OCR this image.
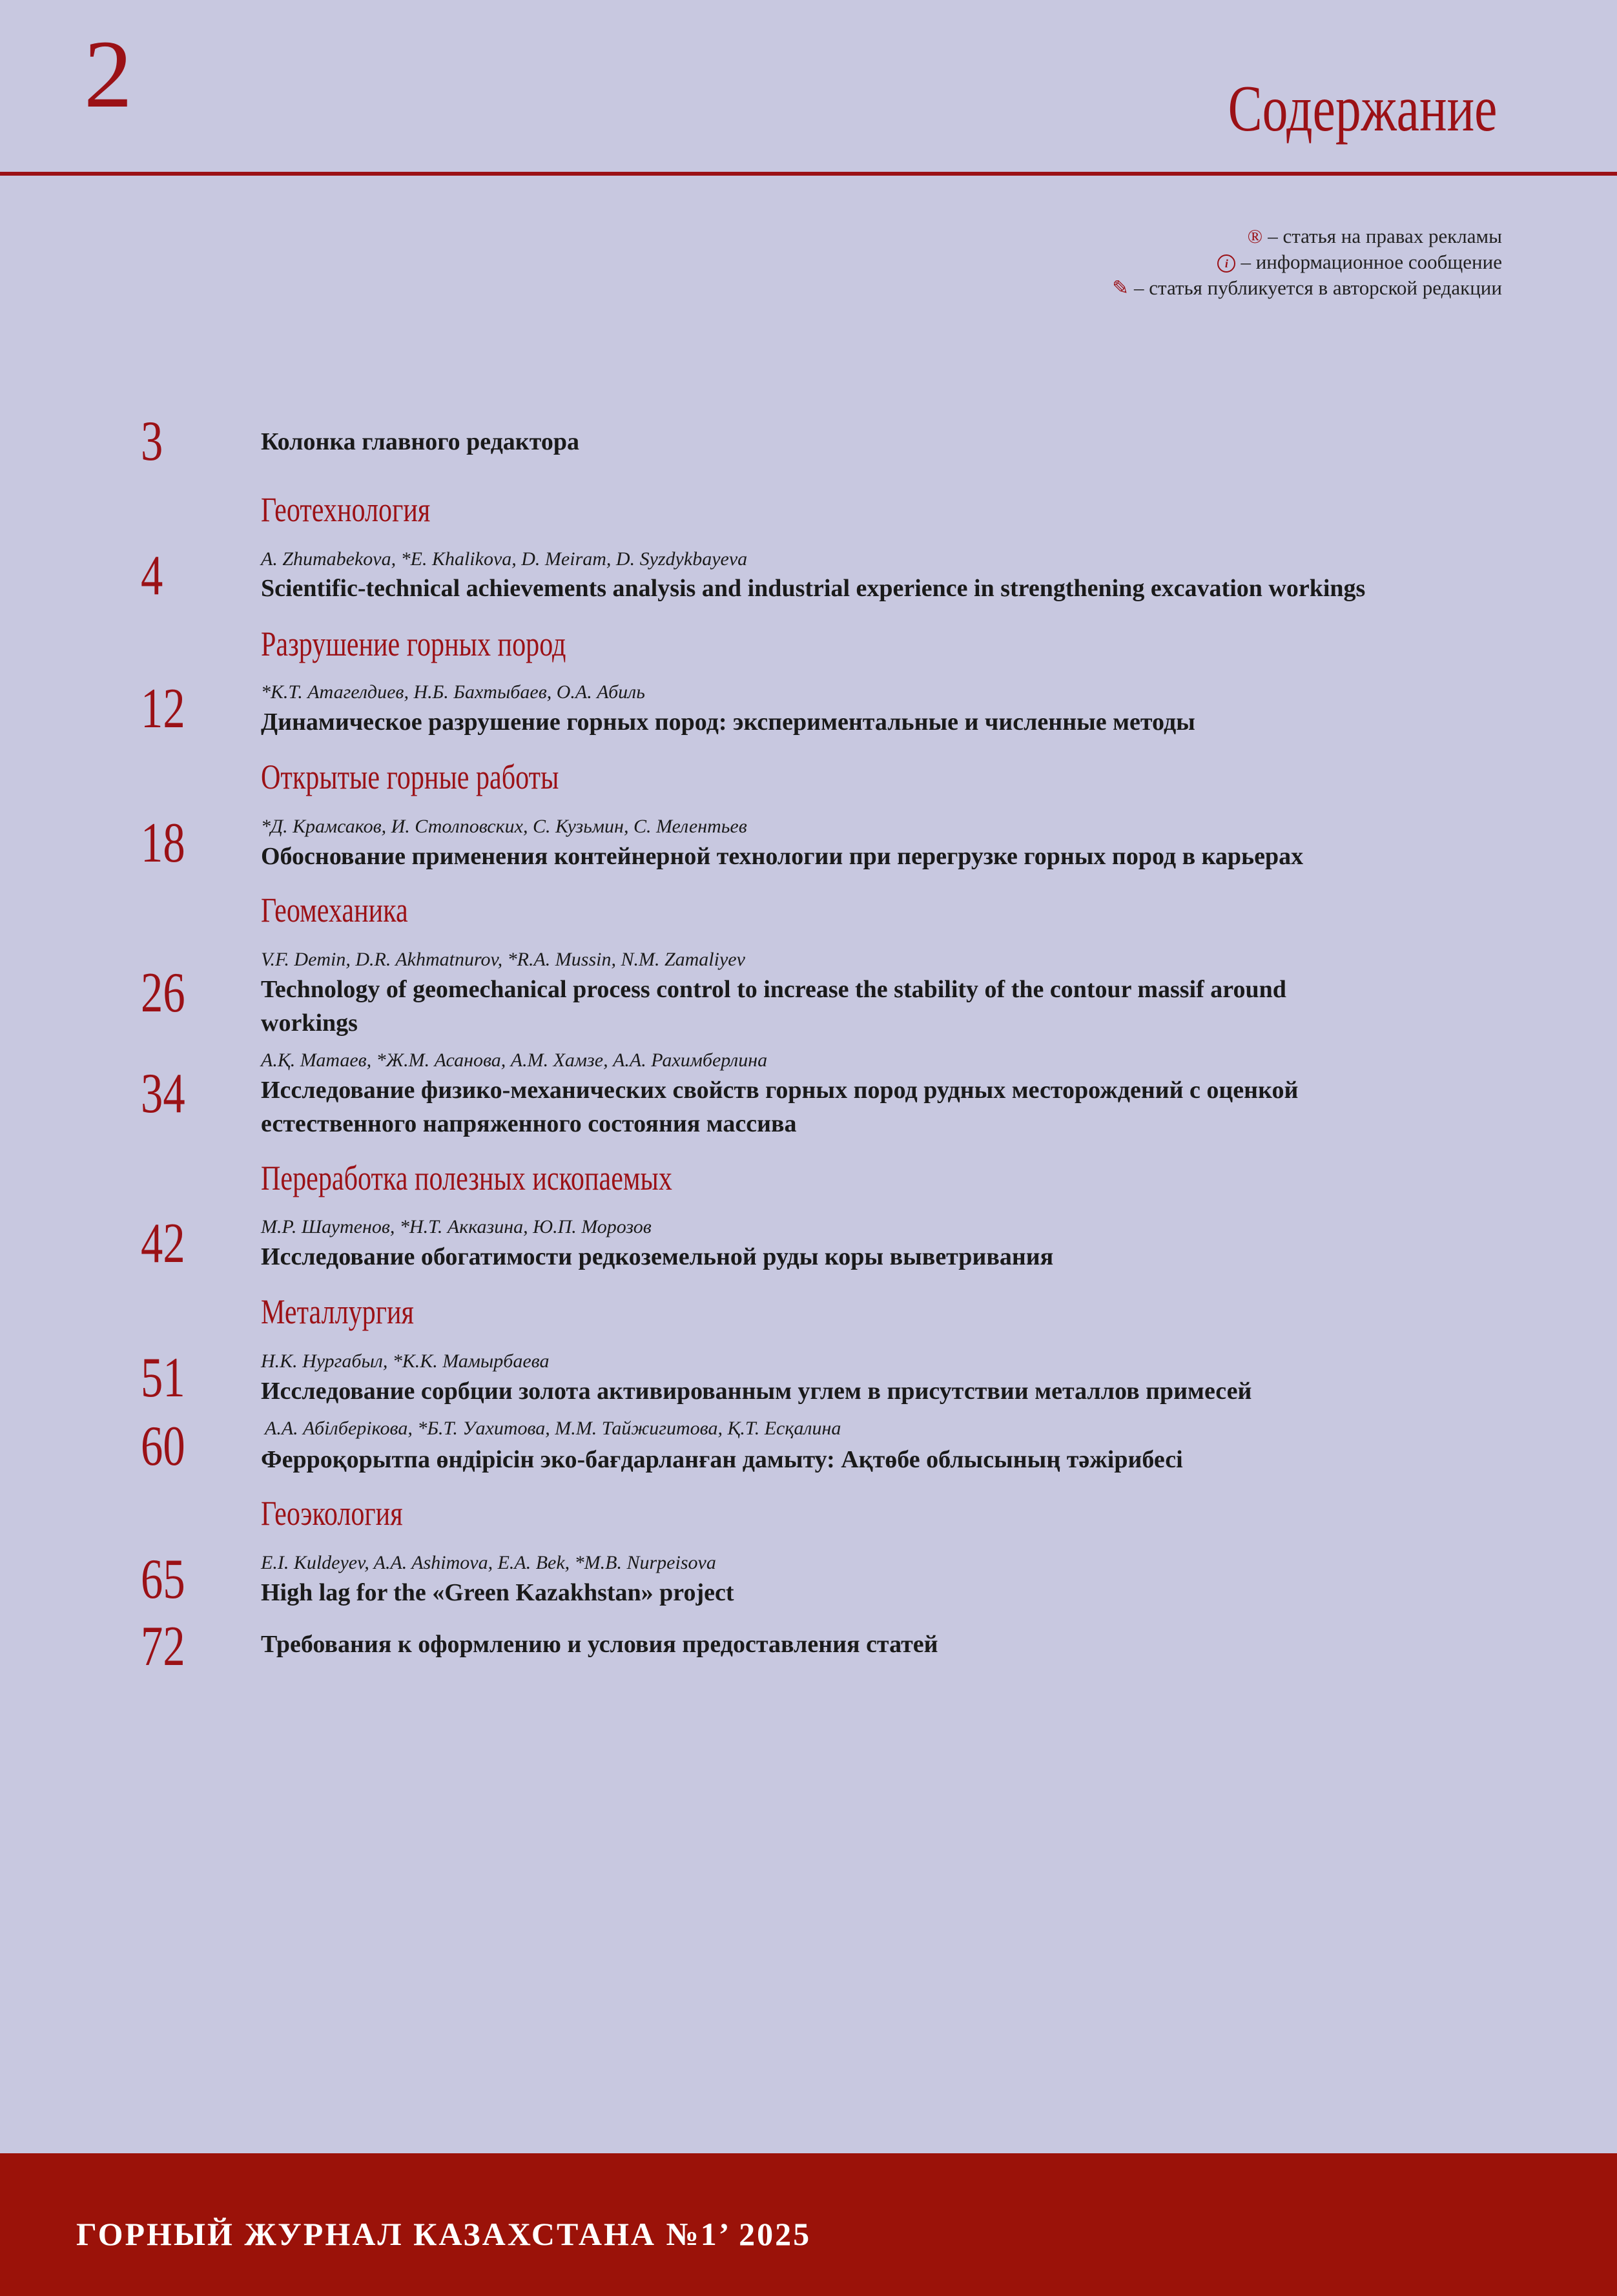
2	Содержание
® – статья на правах рекламы
i – информационное сообщение
✎ – статья публикуется в авторской редакции
3	Колонка главного редактора
Геотехнология
A. Zhumabekova, *E. Khalikova, D. Meiram, D. Syzdykbayeva
4	Scientific-technical achievements analysis and industrial experience in strengthening excavation workings
Разрушение горных пород
*К.Т. Атагелдиев, Н.Б. Бахтыбаев, О.А. Абиль
12	Динамическое разрушение горных пород: экспериментальные и численные методы
Открытые горные работы
*Д. Крамсаков, И. Столповских, С. Кузьмин, С. Мелентьев
18	Обоснование применения контейнерной технологии при перегрузке горных пород в карьерах
Геомеханика
V.F. Demin, D.R. Akhmatnurov, *R.A. Mussin, N.M. Zamaliyev
26	Technology of geomechanical process control to increase the stability of the contour massif around
workings
А.Қ. Матаев, *Ж.М. Асанова, А.М. Хамзе, А.А. Рахимберлина
34	Исследование физико-механических свойств горных пород рудных месторождений с оценкой
естественного напряженного состояния массива
Переработка полезных ископаемых
М.Р. Шаутенов, *Н.Т. Акказина, Ю.П. Морозов
42	Исследование обогатимости редкоземельной руды коры выветривания
Металлургия
Н.К. Нургабыл, *К.К. Мамырбаева
51	Исследование сорбции золота активированным углем в присутствии металлов примесей
А.А. Абілберікова, *Б.Т. Уахитова, М.М. Тайжигитова, Қ.Т. Есқалина
60	Ферроқорытпа өндірісін эко-бағдарланған дамыту: Ақтөбе облысының тәжірибесі
Геоэкология
E.I. Kuldeyev, A.A. Ashimova, E.A. Bek, *M.B. Nurpeisova
65	High lag for the «Green Kazakhstan» project
72	Требования к оформлению и условия предоставления статей
ГОРНЫЙ ЖУРНАЛ КАЗАХСТАНА №1’ 2025
